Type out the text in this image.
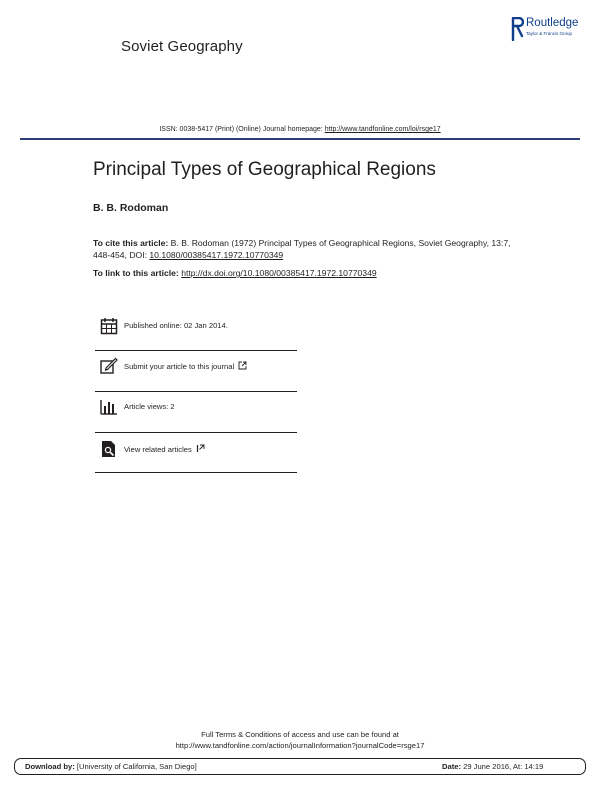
Soviet Geography
Routledge
Taylor & Francis Group
ISSN: 0038-5417 (Print) (Online) Journal homepage: http://www.tandfonline.com/loi/rsge17
Principal Types of Geographical Regions
B. B. Rodoman
To cite this article: B. B. Rodoman (1972) Principal Types of Geographical Regions, Soviet Geography, 13:7, 448-454, DOI: 10.1080/00385417.1972.10770349
To link to this article: http://dx.doi.org/10.1080/00385417.1972.10770349
Published online: 02 Jan 2014.
Submit your article to this journal
Article views: 2
View related articles
Full Terms & Conditions of access and use can be found at
http://www.tandfonline.com/action/journalInformation?journalCode=rsge17
Download by: [University of California, San Diego]	Date: 29 June 2016, At: 14:19
